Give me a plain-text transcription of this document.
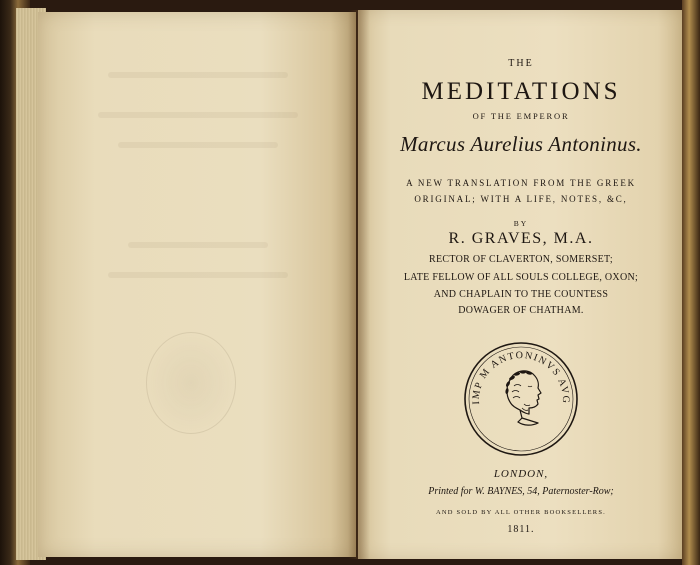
THE
MEDITATIONS
OF THE EMPEROR
Marcus Aurelius Antoninus.
A NEW TRANSLATION FROM THE GREEK
ORIGINAL; WITH A LIFE, NOTES, &C,
BY
R. GRAVES, M.A.
RECTOR OF CLAVERTON, SOMERSET;
LATE FELLOW OF ALL SOULS COLLEGE, OXON;
AND CHAPLAIN TO THE COUNTESS
DOWAGER OF CHATHAM.
IMP M ANTONINVS AVG
LONDON,
Printed for W. BAYNES, 54, Paternoster-Row;
AND SOLD BY ALL OTHER BOOKSELLERS.
1811.
